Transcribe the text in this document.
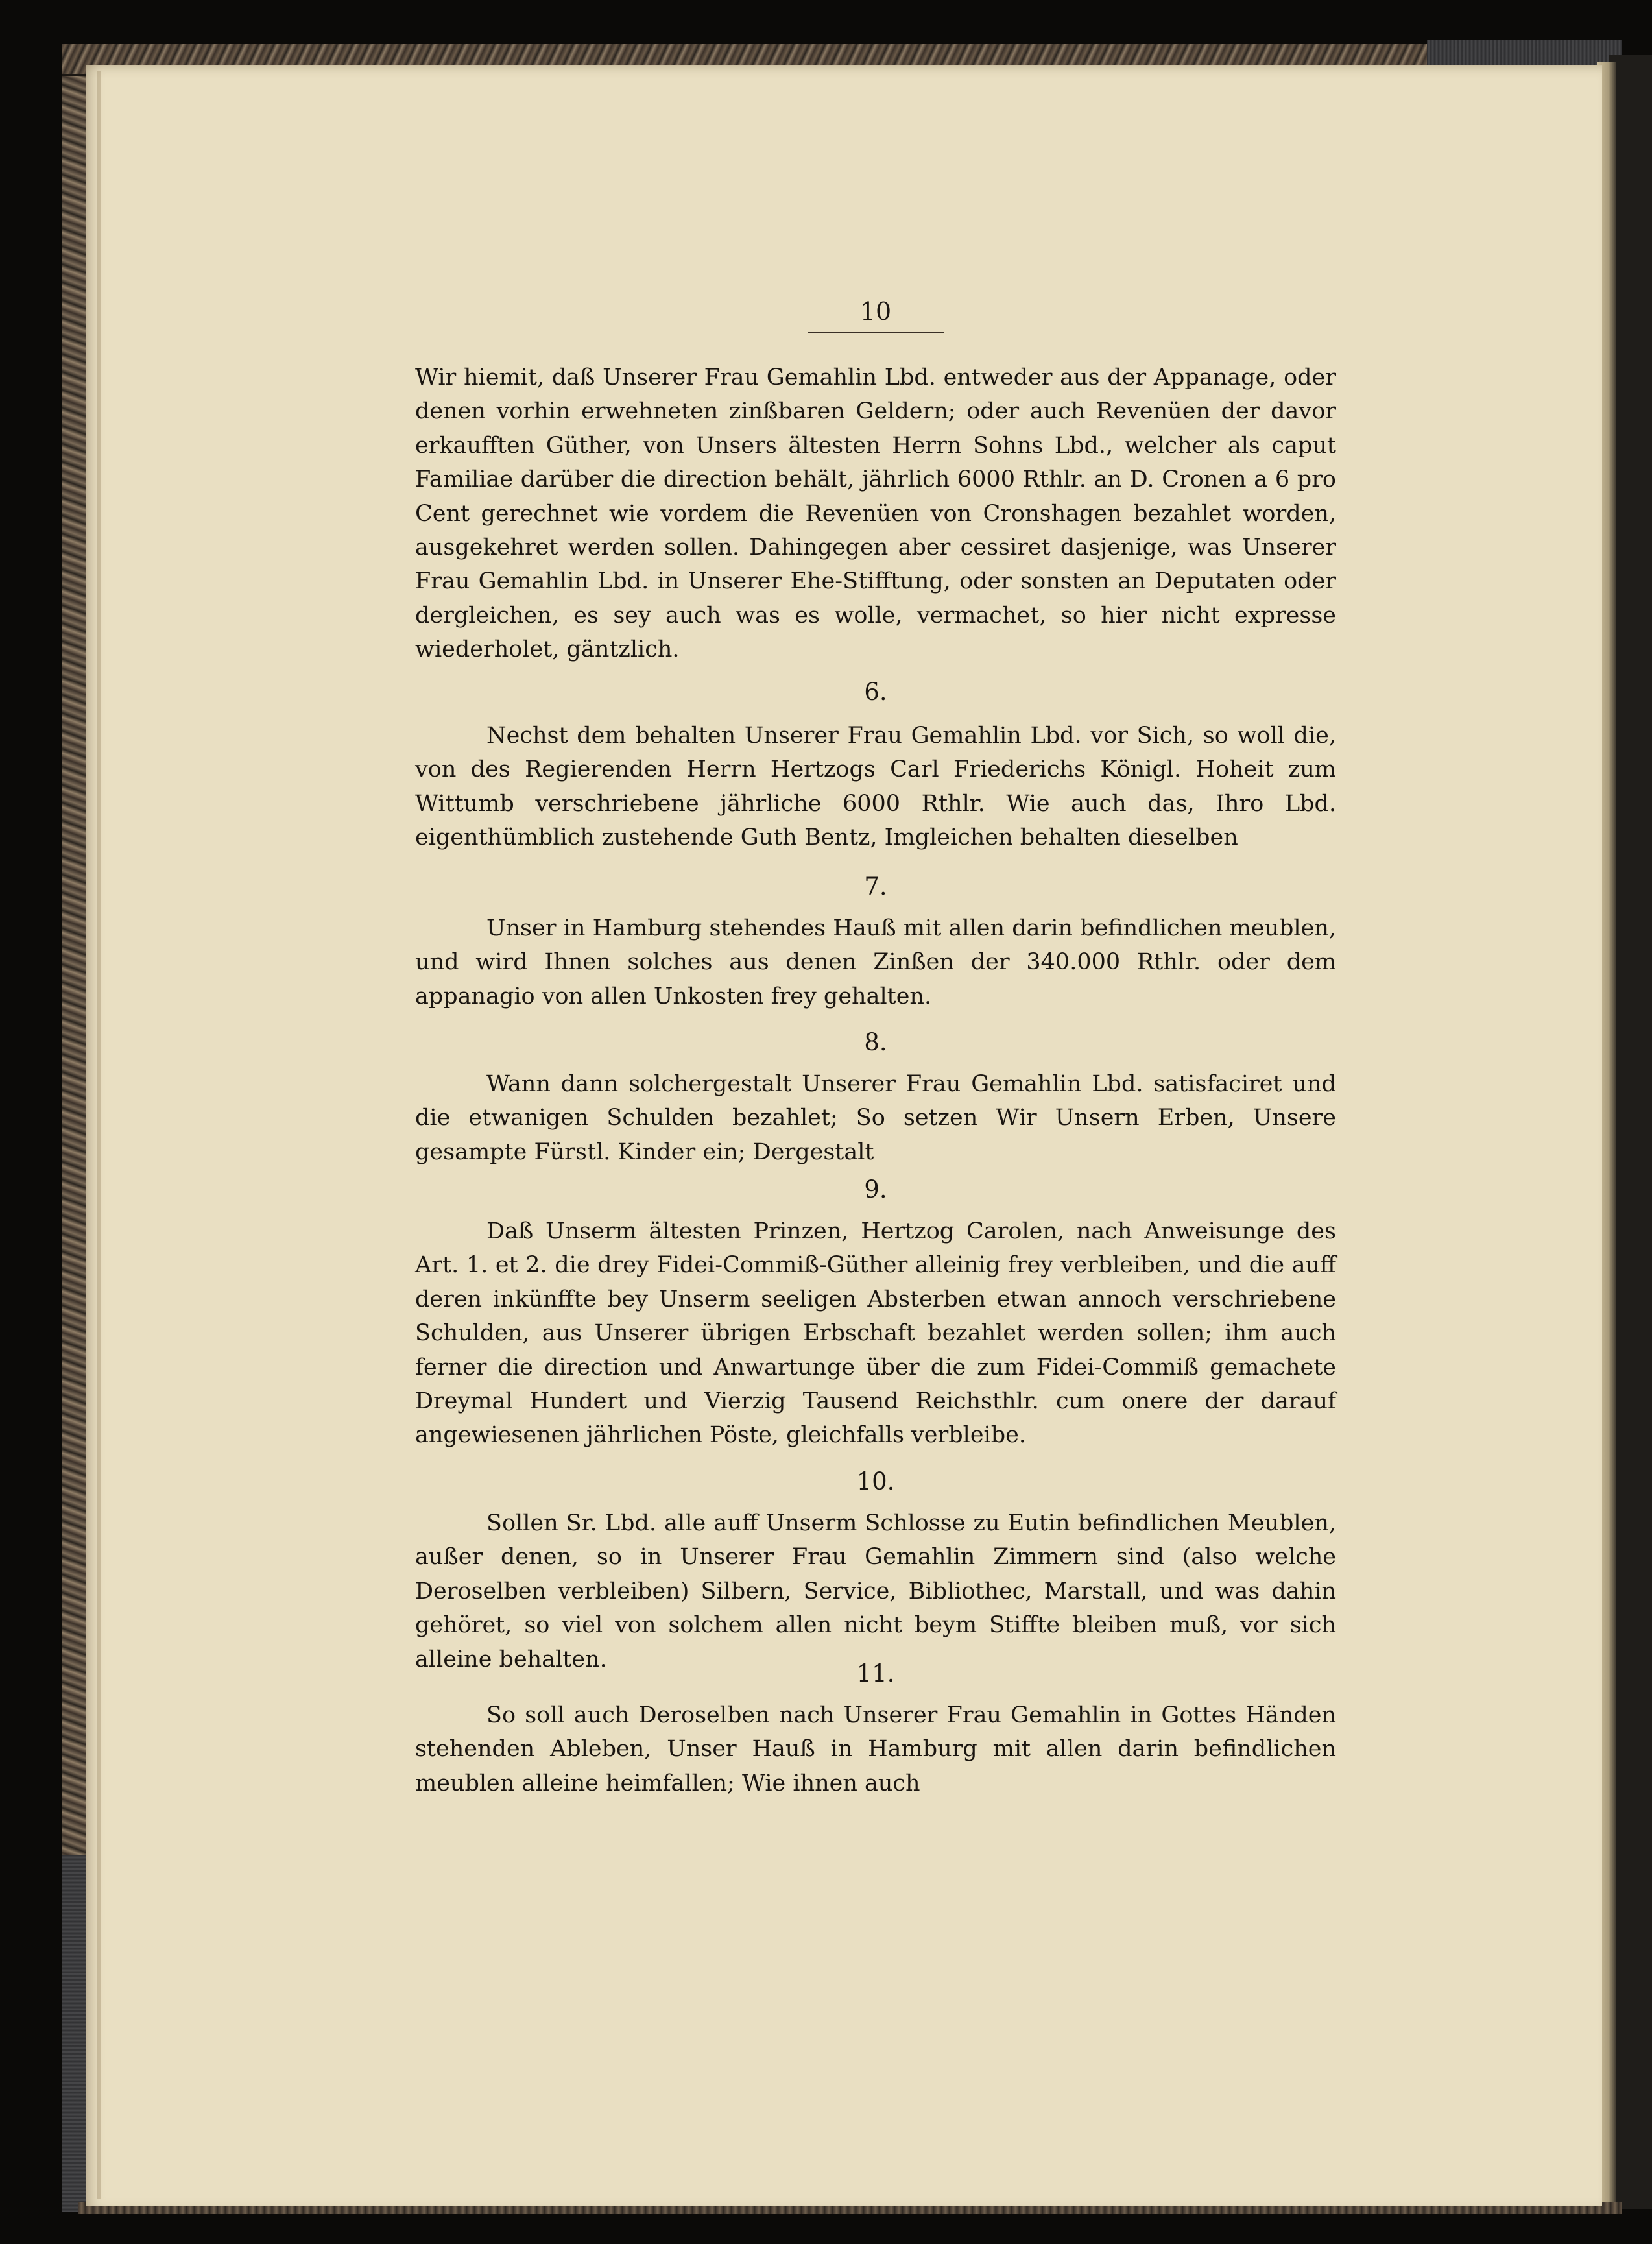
10
Wir hiemit, daß Unserer Frau Gemahlin Lbd. entweder aus der Appanage, oder denen vorhin erwehneten zinßbaren Geldern; oder auch Revenüen der davor erkaufften Güther, von Unsers ältesten Herrn Sohns Lbd., welcher als caput Familiae darüber die direction behält, jährlich 6000 Rthlr. an D. Cronen a 6 pro Cent gerechnet wie vordem die Revenüen von Cronshagen bezahlet worden, ausgekehret werden sollen. Dahingegen aber cessiret dasjenige, was Unserer Frau Gemahlin Lbd. in Unserer Ehe-Stifftung, oder sonsten an Deputaten oder dergleichen, es sey auch was es wolle, vermachet, so hier nicht expresse wiederholet, gäntzlich.
6.
Nechst dem behalten Unserer Frau Gemahlin Lbd. vor Sich, so woll die, von des Regierenden Herrn Hertzogs Carl Friederichs Königl. Hoheit zum Wittumb verschriebene jährliche 6000 Rthlr. Wie auch das, Ihro Lbd. eigenthümblich zustehende Guth Bentz, Imgleichen behalten dieselben
7.
Unser in Hamburg stehendes Hauß mit allen darin befindlichen meublen, und wird Ihnen solches aus denen Zinßen der 340.000 Rthlr. oder dem appanagio von allen Unkosten frey gehalten.
8.
Wann dann solchergestalt Unserer Frau Gemahlin Lbd. satisfaciret und die etwanigen Schulden bezahlet; So setzen Wir Unsern Erben, Unsere gesampte Fürstl. Kinder ein; Dergestalt
9.
Daß Unserm ältesten Prinzen, Hertzog Carolen, nach Anweisunge des Art. 1. et 2. die drey Fidei-Commiß-Güther alleinig frey verbleiben, und die auff deren inkünffte bey Unserm seeligen Absterben etwan annoch verschriebene Schulden, aus Unserer übrigen Erbschaft bezahlet werden sollen; ihm auch ferner die direction und Anwartunge über die zum Fidei-Commiß gemachete Dreymal Hundert und Vierzig Tausend Reichsthlr. cum onere der darauf angewiesenen jährlichen Pöste, gleichfalls verbleibe.
10.
Sollen Sr. Lbd. alle auff Unserm Schlosse zu Eutin befindlichen Meublen, außer denen, so in Unserer Frau Gemahlin Zimmern sind (also welche Deroselben verbleiben) Silbern, Service, Bibliothec, Marstall, und was dahin gehöret, so viel von solchem allen nicht beym Stiffte bleiben muß, vor sich alleine behalten.
11.
So soll auch Deroselben nach Unserer Frau Gemahlin in Gottes Händen stehenden Ableben, Unser Hauß in Hamburg mit allen darin befindlichen meublen alleine heimfallen; Wie ihnen auch
